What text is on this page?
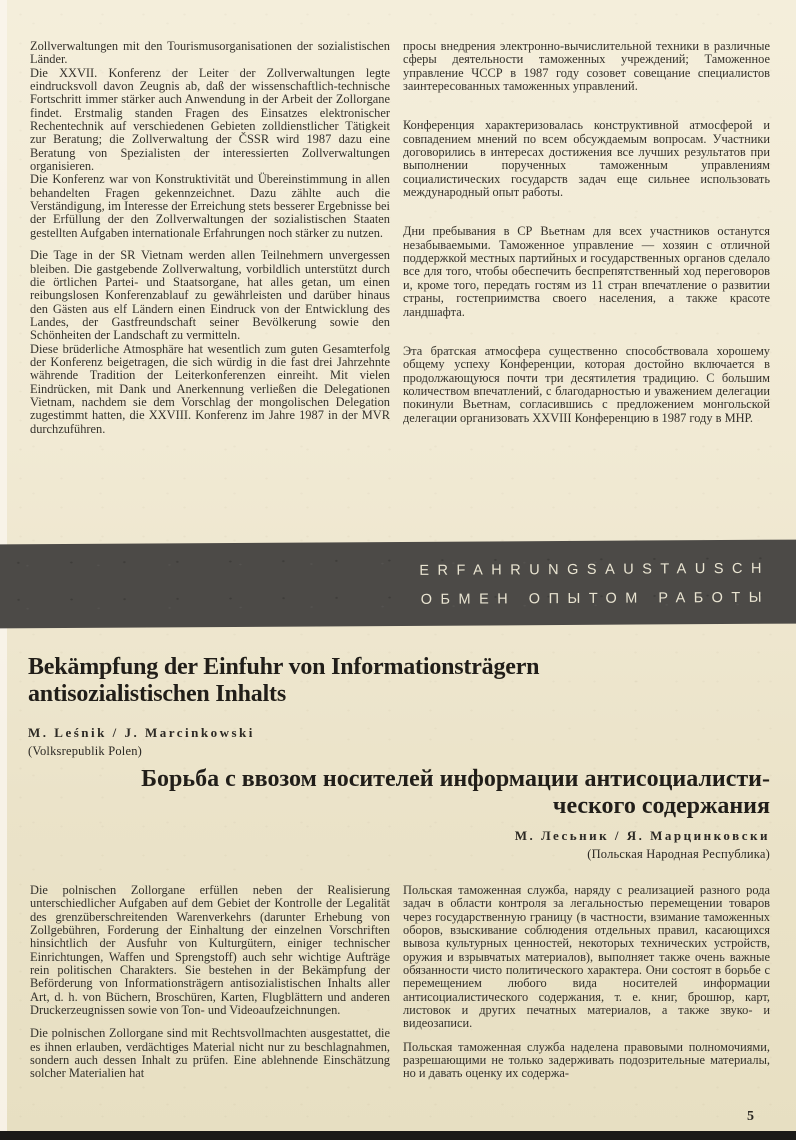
Zollverwaltungen mit den Tourismusorganisationen der sozialistischen Länder.

Die XXVII. Konferenz der Leiter der Zollverwaltungen legte eindrucksvoll davon Zeugnis ab, daß der wissenschaftlich-technische Fortschritt immer stärker auch Anwendung in der Arbeit der Zollorgane findet. Erstmalig standen Fragen des Einsatzes elektronischer Rechentechnik auf verschiedenen Gebieten zolldienstlicher Tätigkeit zur Beratung; die Zollverwaltung der ČSSR wird 1987 dazu eine Beratung von Spezialisten der interessierten Zollverwaltungen organisieren.

Die Konferenz war von Konstruktivität und Übereinstimmung in allen behandelten Fragen gekennzeichnet. Dazu zählte auch die Verständigung, im Interesse der Erreichung stets besserer Ergebnisse bei der Erfüllung der den Zollverwaltungen der sozialistischen Staaten gestellten Aufgaben internationale Erfahrungen noch stärker zu nutzen.

Die Tage in der SR Vietnam werden allen Teilnehmern unvergessen bleiben. Die gastgebende Zollverwaltung, vorbildlich unterstützt durch die örtlichen Partei- und Staatsorgane, hat alles getan, um einen reibungslosen Konferenzablauf zu gewährleisten und darüber hinaus den Gästen aus elf Ländern einen Eindruck von der Entwicklung des Landes, der Gastfreundschaft seiner Bevölkerung sowie den Schönheiten der Landschaft zu vermitteln.

Diese brüderliche Atmosphäre hat wesentlich zum guten Gesamterfolg der Konferenz beigetragen, die sich würdig in die fast drei Jahrzehnte währende Tradition der Leiterkonferenzen einreiht. Mit vielen Eindrücken, mit Dank und Anerkennung verließen die Delegationen Vietnam, nachdem sie dem Vorschlag der mongolischen Delegation zugestimmt hatten, die XXVIII. Konferenz im Jahre 1987 in der MVR durchzuführen.

просы внедрения электронно-вычислительной техники в различные сферы деятельности таможенных учреждений; Таможенное управление ЧССР в 1987 году созовет совещание специалистов заинтересованных таможенных управлений.

Конференция характеризовалась конструктивной атмосферой и совпадением мнений по всем обсуждаемым вопросам. Участники договорились в интересах достижения все лучших результатов при выполнении порученных таможенным управлениям социалистических государств задач еще сильнее использовать международный опыт работы.

Дни пребывания в СР Вьетнам для всех участников останутся незабываемыми. Таможенное управление — хозяин с отличной поддержкой местных партийных и государственных органов сделало все для того, чтобы обеспечить беспрепятственный ход переговоров и, кроме того, передать гостям из 11 стран впечатление о развитии страны, гостеприимства своего населения, а также красоте ландшафта.

Эта братская атмосфера существенно способствовала хорошему общему успеху Конференции, которая достойно включается в продолжающуюся почти три десятилетия традицию. С большим количеством впечатлений, с благодарностью и уважением делегации покинули Вьетнам, согласившись с предложением монгольской делегации организовать XXVIII Конференцию в 1987 году в МНР.

ERFAHRUNGSAUSTAUSCH
ОБМЕН ОПЫТОМ РАБОТЫ
Bekämpfung der Einfuhr von Informationsträgern
antisozialistischen Inhalts
M. Leśnik / J. Marcinkowski
(Volksrepublik Polen)
Борьба с ввозом носителей информации антисоциалисти-
ческого содержания
М. Лесьник / Я. Марцинковски
(Польская Народная Республика)

Die polnischen Zollorgane erfüllen neben der Realisierung unterschiedlicher Aufgaben auf dem Gebiet der Kontrolle der Legalität des grenzüberschreitenden Warenverkehrs (darunter Erhebung von Zollgebühren, Forderung der Einhaltung der einzelnen Vorschriften hinsichtlich der Ausfuhr von Kulturgütern, einiger technischer Einrichtungen, Waffen und Sprengstoff) auch sehr wichtige Aufträge rein politischen Charakters. Sie bestehen in der Bekämpfung der Beförderung von Informationsträgern antisozialistischen Inhalts aller Art, d. h. von Büchern, Broschüren, Karten, Flugblättern und anderen Druckerzeugnissen sowie von Ton- und Videoaufzeichnungen.

Die polnischen Zollorgane sind mit Rechtsvollmachten ausgestattet, die es ihnen erlauben, verdächtiges Material nicht nur zu beschlagnahmen, sondern auch dessen Inhalt zu prüfen. Eine ablehnende Einschätzung solcher Materialien hat

Польская таможенная служба, наряду с реализацией разного рода задач в области контроля за легальностью перемещении товаров через государственную границу (в частности, взимание таможенных оборов, взыскивание соблюдения отдельных правил, касающихся вывоза культурных ценностей, некоторых технических устройств, оружия и взрывчатых материалов), выполняет также очень важные обязанности чисто политического характера. Они состоят в борьбе с перемещением любого вида носителей информации антисоциалистического содержания, т. е. книг, брошюр, карт, листовок и других печатных материалов, а также звуко- и видеозаписи.

Польская таможенная служба наделена правовыми полномочиями, разрешающими не только задерживать подозрительные материалы, но и давать оценку их содержа-

5
